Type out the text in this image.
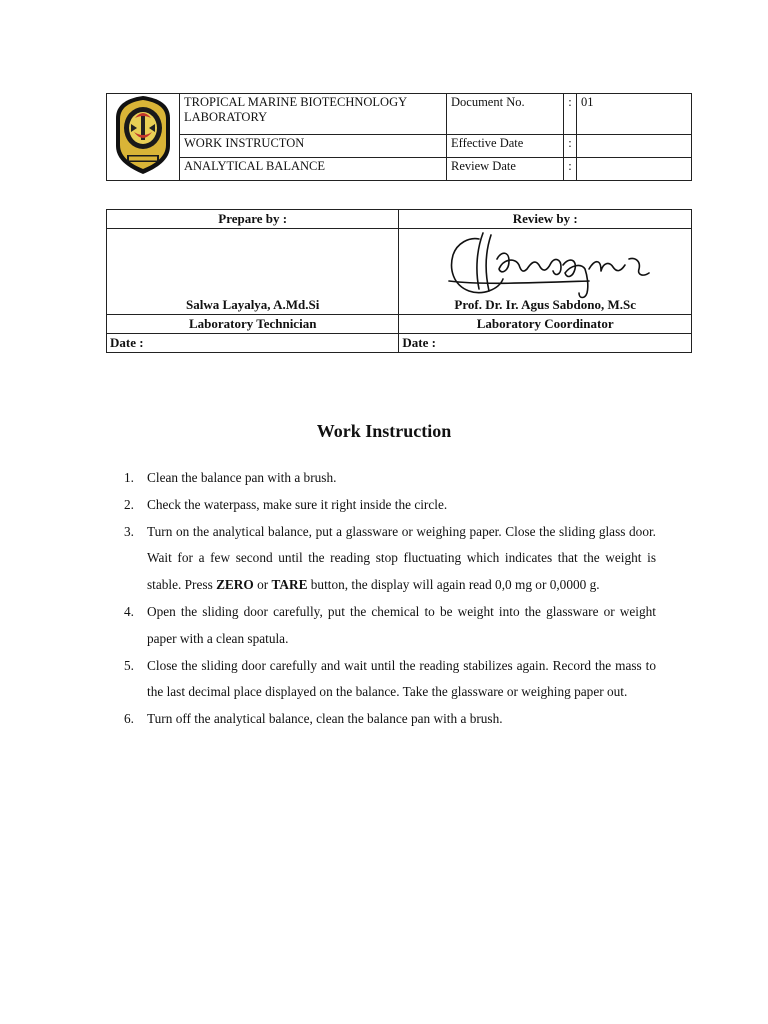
	TROPICAL MARINE BIOTECHNOLOGY LABORATORY	Document No.	:	01
	WORK INSTRUCTON	Effective Date	:	
	ANALYTICAL BALANCE	Review Date	:	
Prepare by :	Review by :
Salwa Layalya, A.Md.Si	Prof. Dr. Ir. Agus Sabdono, M.Sc
Laboratory Technician	Laboratory Coordinator
Date :	Date :
Work Instruction
1. Clean the balance pan with a brush.
2. Check the waterpass, make sure it right inside the circle.
3. Turn on the analytical balance, put a glassware or weighing paper. Close the sliding glass door. Wait for a few second until the reading stop fluctuating which indicates that the weight is stable. Press ZERO or TARE button, the display will again read 0,0 mg or 0,0000 g.
4. Open the sliding door carefully, put the chemical to be weight into the glassware or weight paper with a clean spatula.
5. Close the sliding door carefully and wait until the reading stabilizes again. Record the mass to the last decimal place displayed on the balance. Take the glassware or weighing paper out.
6. Turn off the analytical balance, clean the balance pan with a brush.
